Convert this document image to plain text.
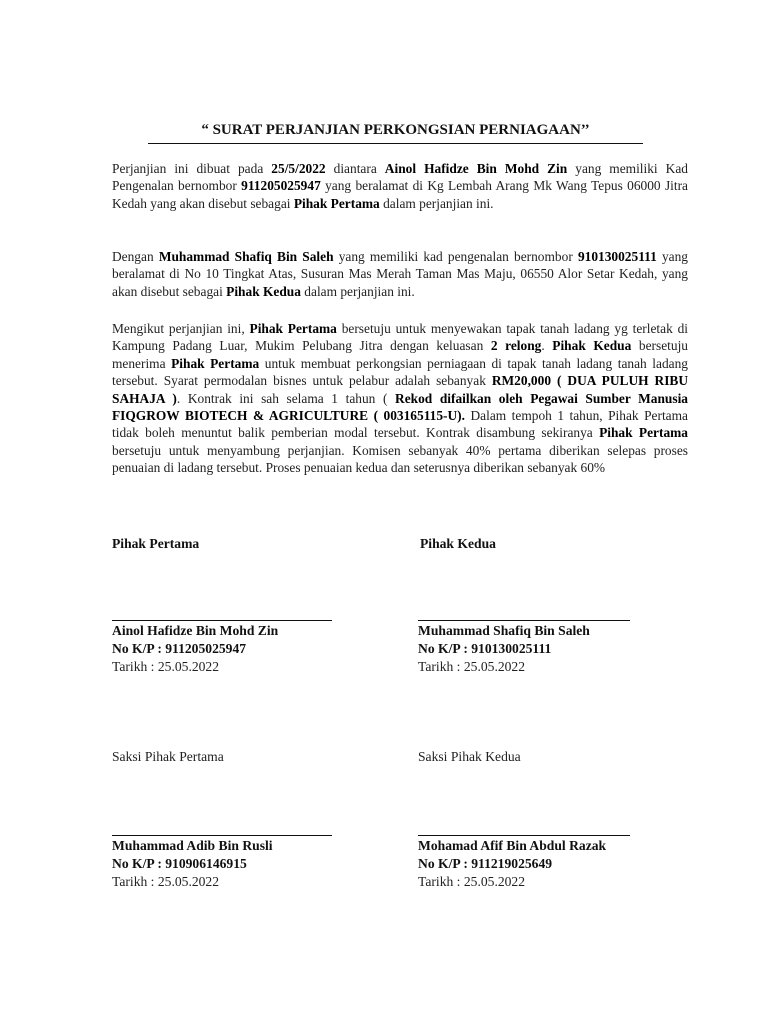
“ SURAT PERJANJIAN PERKONGSIAN PERNIAGAAN’’

Perjanjian ini dibuat pada 25/5/2022 diantara Ainol Hafidze Bin Mohd Zin yang memiliki Kad Pengenalan bernombor 911205025947 yang beralamat di Kg Lembah Arang Mk Wang Tepus 06000 Jitra Kedah yang akan disebut sebagai Pihak Pertama dalam perjanjian ini.

Dengan Muhammad Shafiq Bin Saleh yang memiliki kad pengenalan bernombor 910130025111 yang beralamat di No 10 Tingkat Atas, Susuran Mas Merah Taman Mas Maju, 06550 Alor Setar Kedah, yang akan disebut sebagai Pihak Kedua dalam perjanjian ini.

Mengikut perjanjian ini, Pihak Pertama bersetuju untuk menyewakan tapak tanah ladang yg terletak di Kampung Padang Luar, Mukim Pelubang Jitra dengan keluasan 2 relong. Pihak Kedua bersetuju menerima Pihak Pertama untuk membuat perkongsian perniagaan di tapak tanah ladang tanah ladang tersebut. Syarat permodalan bisnes untuk pelabur adalah sebanyak RM20,000 ( DUA PULUH RIBU SAHAJA ). Kontrak ini sah selama 1 tahun ( Rekod difailkan oleh Pegawai Sumber Manusia FIQGROW BIOTECH & AGRICULTURE ( 003165115-U). Dalam tempoh 1 tahun, Pihak Pertama tidak boleh menuntut balik pemberian modal tersebut. Kontrak disambung sekiranya Pihak Pertama bersetuju untuk menyambung perjanjian. Komisen sebanyak 40% pertama diberikan selepas proses penuaian di ladang tersebut. Proses penuaian kedua dan seterusnya diberikan sebanyak 60%

Pihak Pertama
Ainol Hafidze Bin Mohd Zin
No K/P : 911205025947
Tarikh : 25.05.2022
Pihak Kedua
Muhammad Shafiq Bin Saleh
No K/P : 910130025111
Tarikh : 25.05.2022
Saksi Pihak Pertama
Muhammad Adib Bin Rusli
No K/P : 910906146915
Tarikh : 25.05.2022
Saksi Pihak Kedua
Mohamad Afif Bin Abdul Razak
No K/P : 911219025649
Tarikh : 25.05.2022
